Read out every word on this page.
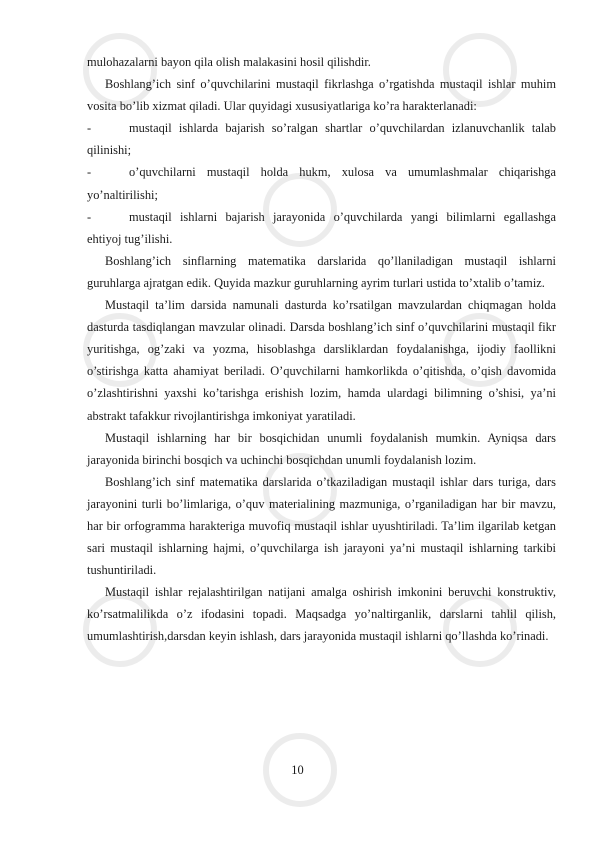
mulohazalarni bayon qila olish malakasini hosil qilishdir.

Boshlang’ich sinf o’quvchilarini mustaqil fikrlashga o’rgatishda mustaqil ishlar muhim vosita bo’lib xizmat qiladi. Ular quyidagi xususiyatlariga ko’ra harakterlanadi:

-	mustaqil ishlarda bajarish so’ralgan shartlar o’quvchilardan izlanuvchanlik talab qilinishi;

-	o’quvchilarni mustaqil holda hukm, xulosa va umumlashmalar chiqarishga yo’naltirilishi;

-	mustaqil ishlarni bajarish jarayonida o’quvchilarda yangi bilimlarni egallashga ehtiyoj tug’ilishi.

Boshlang’ich sinflarning matematika darslarida qo’llaniladigan mustaqil ishlarni guruhlarga ajratgan edik. Quyida mazkur guruhlarning ayrim turlari ustida to’xtalib o’tamiz.

Mustaqil ta’lim darsida namunali dasturda ko’rsatilgan mavzulardan chiqmagan holda dasturda tasdiqlangan mavzular olinadi. Darsda boshlang’ich sinf o’quvchilarini mustaqil fikr yuritishga, og’zaki va yozma, hisoblashga darsliklardan foydalanishga, ijodiy faollikni o’stirishga katta ahamiyat beriladi. O’quvchilarni hamkorlikda o’qitishda, o’qish davomida o’zlashtirishni yaxshi ko’tarishga erishish lozim, hamda ulardagi bilimning o’shisi, ya’ni abstrakt tafakkur rivojlantirishga imkoniyat yaratiladi.

Mustaqil ishlarning har bir bosqichidan unumli foydalanish mumkin. Ayniqsa dars jarayonida birinchi bosqich va uchinchi bosqichdan unumli foydalanish lozim.

Boshlang’ich sinf matematika darslarida o’tkaziladigan mustaqil ishlar dars turiga, dars jarayonini turli bo’limlariga, o’quv materialining mazmuniga, o’rganiladigan har bir mavzu, har bir orfogramma harakteriga muvofiq mustaqil ishlar uyushtiriladi. Ta’lim ilgarilab ketgan sari mustaqil ishlarning hajmi, o’quvchilarga ish jarayoni ya’ni mustaqil ishlarning tarkibi tushuntiriladi.

Mustaqil ishlar rejalashtirilgan natijani amalga oshirish imkonini beruvchi konstruktiv, ko’rsatmalilikda o’z ifodasini topadi. Maqsadga yo’naltirganlik, darslarni tahlil qilish, umumlashtirish,darsdan keyin ishlash, dars jarayonida mustaqil ishlarni qo’llashda ko’rinadi.

10
